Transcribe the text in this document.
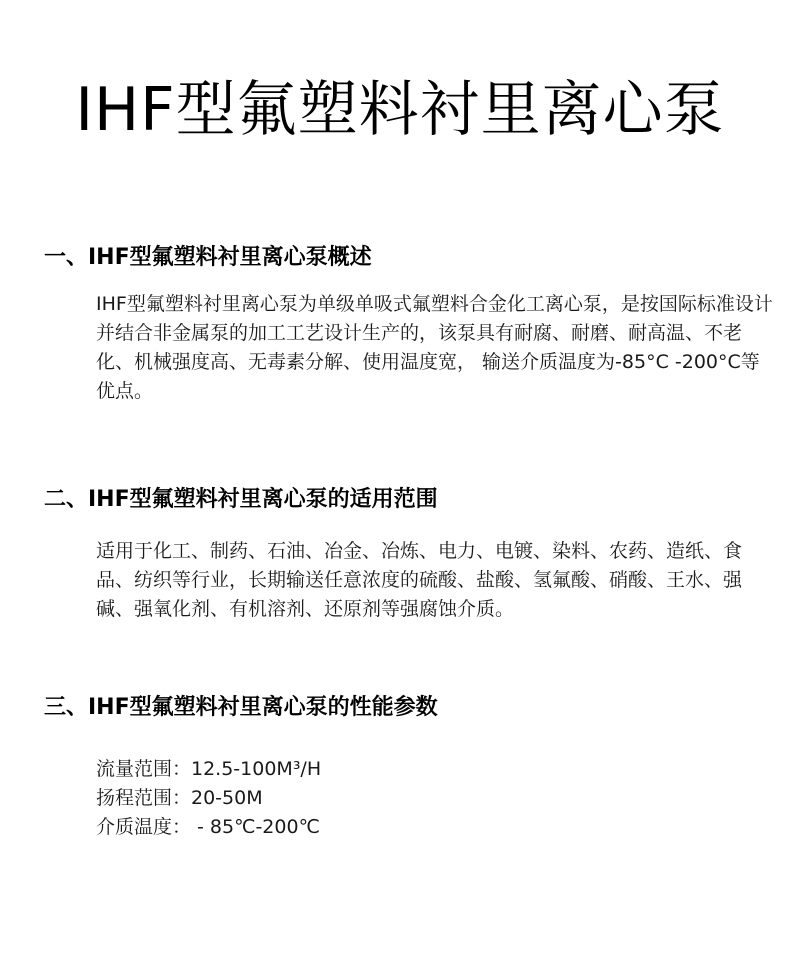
IHF型氟塑料衬里离心泵
一、IHF型氟塑料衬里离心泵概述

IHF型氟塑料衬里离心泵为单级单吸式氟塑料合金化工离心泵，是按国际标准设计并结合非金属泵的加工工艺设计生产的，该泵具有耐腐、耐磨、耐高温、不老化、机械强度高、无毒素分解、使用温度宽， 输送介质温度为-85°C -200°C等优点。

二、IHF型氟塑料衬里离心泵的适用范围

适用于化工、制药、石油、冶金、冶炼、电力、电镀、染料、农药、造纸、食品、纺织等行业，长期输送任意浓度的硫酸、盐酸、氢氟酸、硝酸、王水、强碱、强氧化剂、有机溶剂、还原剂等强腐蚀介质。

三、IHF型氟塑料衬里离心泵的性能参数
流量范围：12.5-100M³/H
扬程范围：20-50M
介质温度： - 85℃-200℃
